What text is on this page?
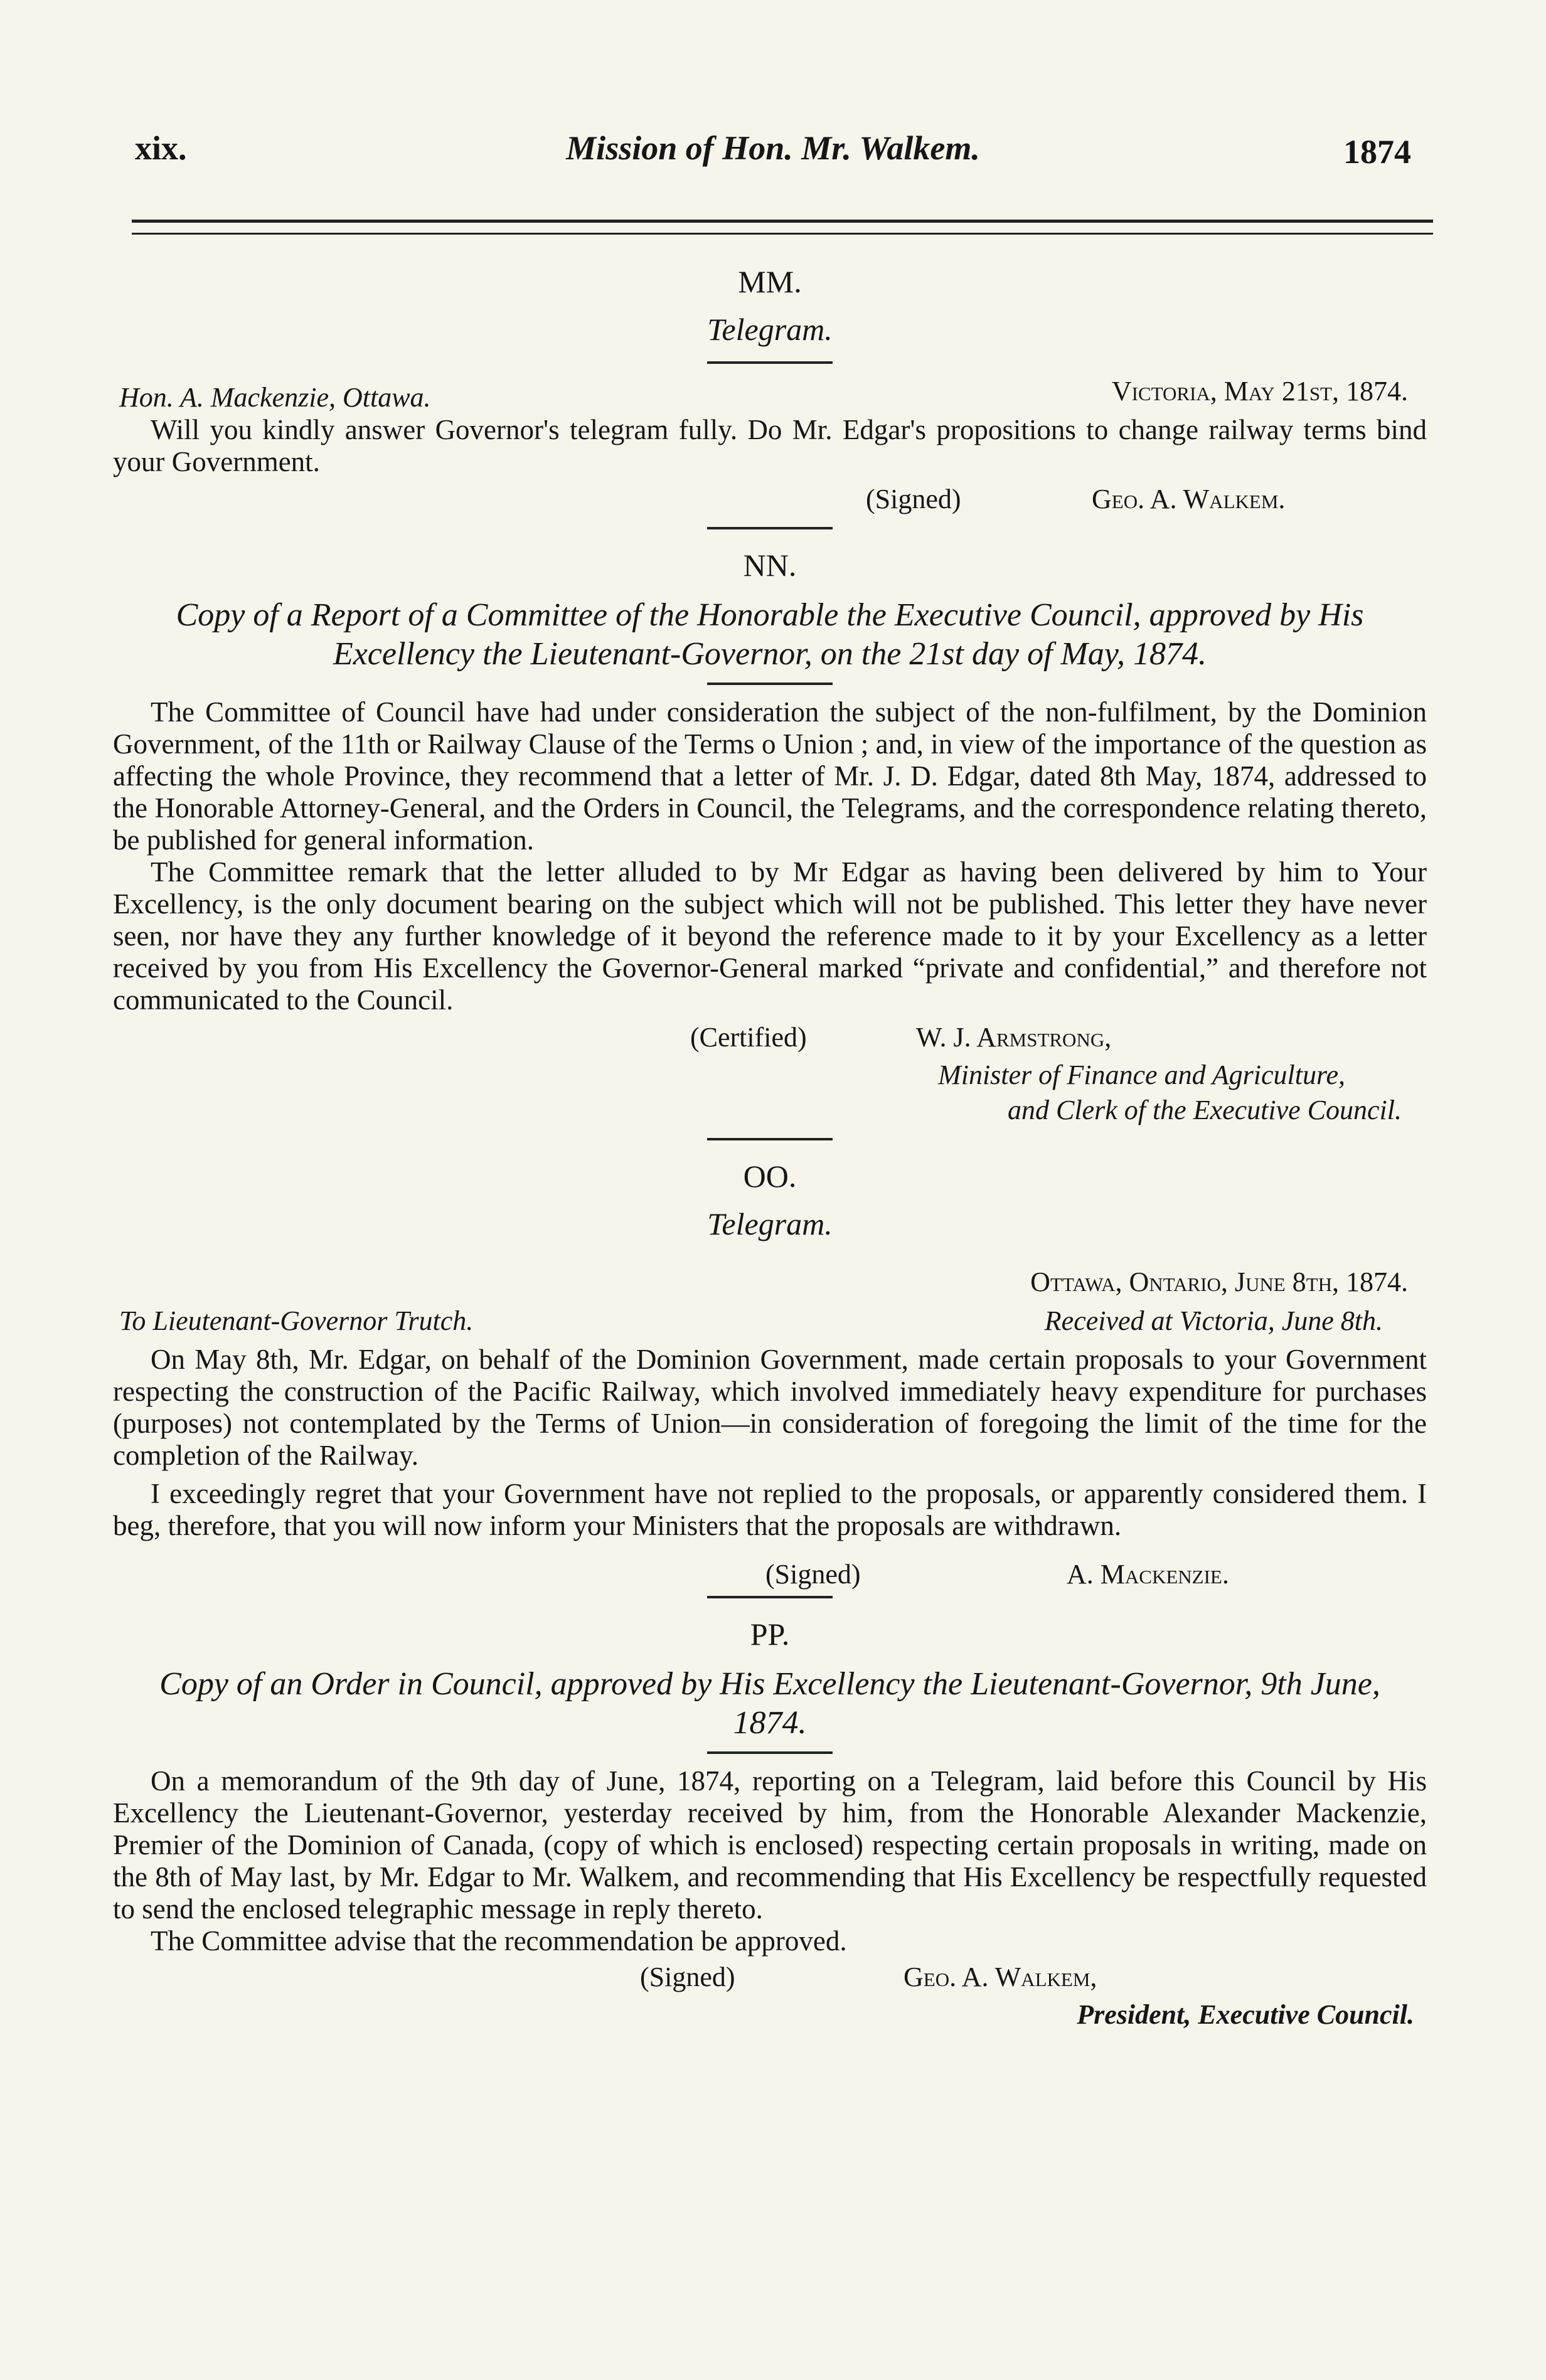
xix.	Mission of Hon. Mr. Walkem.	1874
MM.
Telegram.
Hon. A. Mackenzie, Ottawa.	Victoria, May 21st, 1874.

Will you kindly answer Governor's telegram fully. Do Mr. Edgar's propositions to change railway terms bind your Government.

(Signed)	Geo. A. Walkem.
NN.
Copy of a Report of a Committee of the Honorable the Executive Council, approved by His Excellency the Lieutenant-Governor, on the 21st day of May, 1874.

The Committee of Council have had under consideration the subject of the non-fulfilment, by the Dominion Government, of the 11th or Railway Clause of the Terms o Union ; and, in view of the importance of the question as affecting the whole Province, they recommend that a letter of Mr. J. D. Edgar, dated 8th May, 1874, addressed to the Honorable Attorney-General, and the Orders in Council, the Telegrams, and the correspondence relating thereto, be published for general information.

The Committee remark that the letter alluded to by Mr Edgar as having been delivered by him to Your Excellency, is the only document bearing on the subject which will not be published. This letter they have never seen, nor have they any further knowledge of it beyond the reference made to it by your Excellency as a letter received by you from His Excellency the Governor-General marked “private and confidential,” and therefore not communicated to the Council.

(Certified)	W. J. Armstrong,
Minister of Finance and Agriculture,
and Clerk of the Executive Council.
OO.
Telegram.
Ottawa, Ontario, June 8th, 1874.
To Lieutenant-Governor Trutch.	Received at Victoria, June 8th.

On May 8th, Mr. Edgar, on behalf of the Dominion Government, made certain proposals to your Government respecting the construction of the Pacific Railway, which involved immediately heavy expenditure for purchases (purposes) not contemplated by the Terms of Union—in consideration of foregoing the limit of the time for the completion of the Railway.

I exceedingly regret that your Government have not replied to the proposals, or apparently considered them. I beg, therefore, that you will now inform your Ministers that the proposals are withdrawn.

(Signed)	A. Mackenzie.
PP.
Copy of an Order in Council, approved by His Excellency the Lieutenant-Governor, 9th June, 1874.

On a memorandum of the 9th day of June, 1874, reporting on a Telegram, laid before this Council by His Excellency the Lieutenant-Governor, yesterday received by him, from the Honorable Alexander Mackenzie, Premier of the Dominion of Canada, (copy of which is enclosed) respecting certain proposals in writing, made on the 8th of May last, by Mr. Edgar to Mr. Walkem, and recommending that His Excellency be respectfully requested to send the enclosed telegraphic message in reply thereto.

The Committee advise that the recommendation be approved.

(Signed)	Geo. A. Walkem,
President, Executive Council.
